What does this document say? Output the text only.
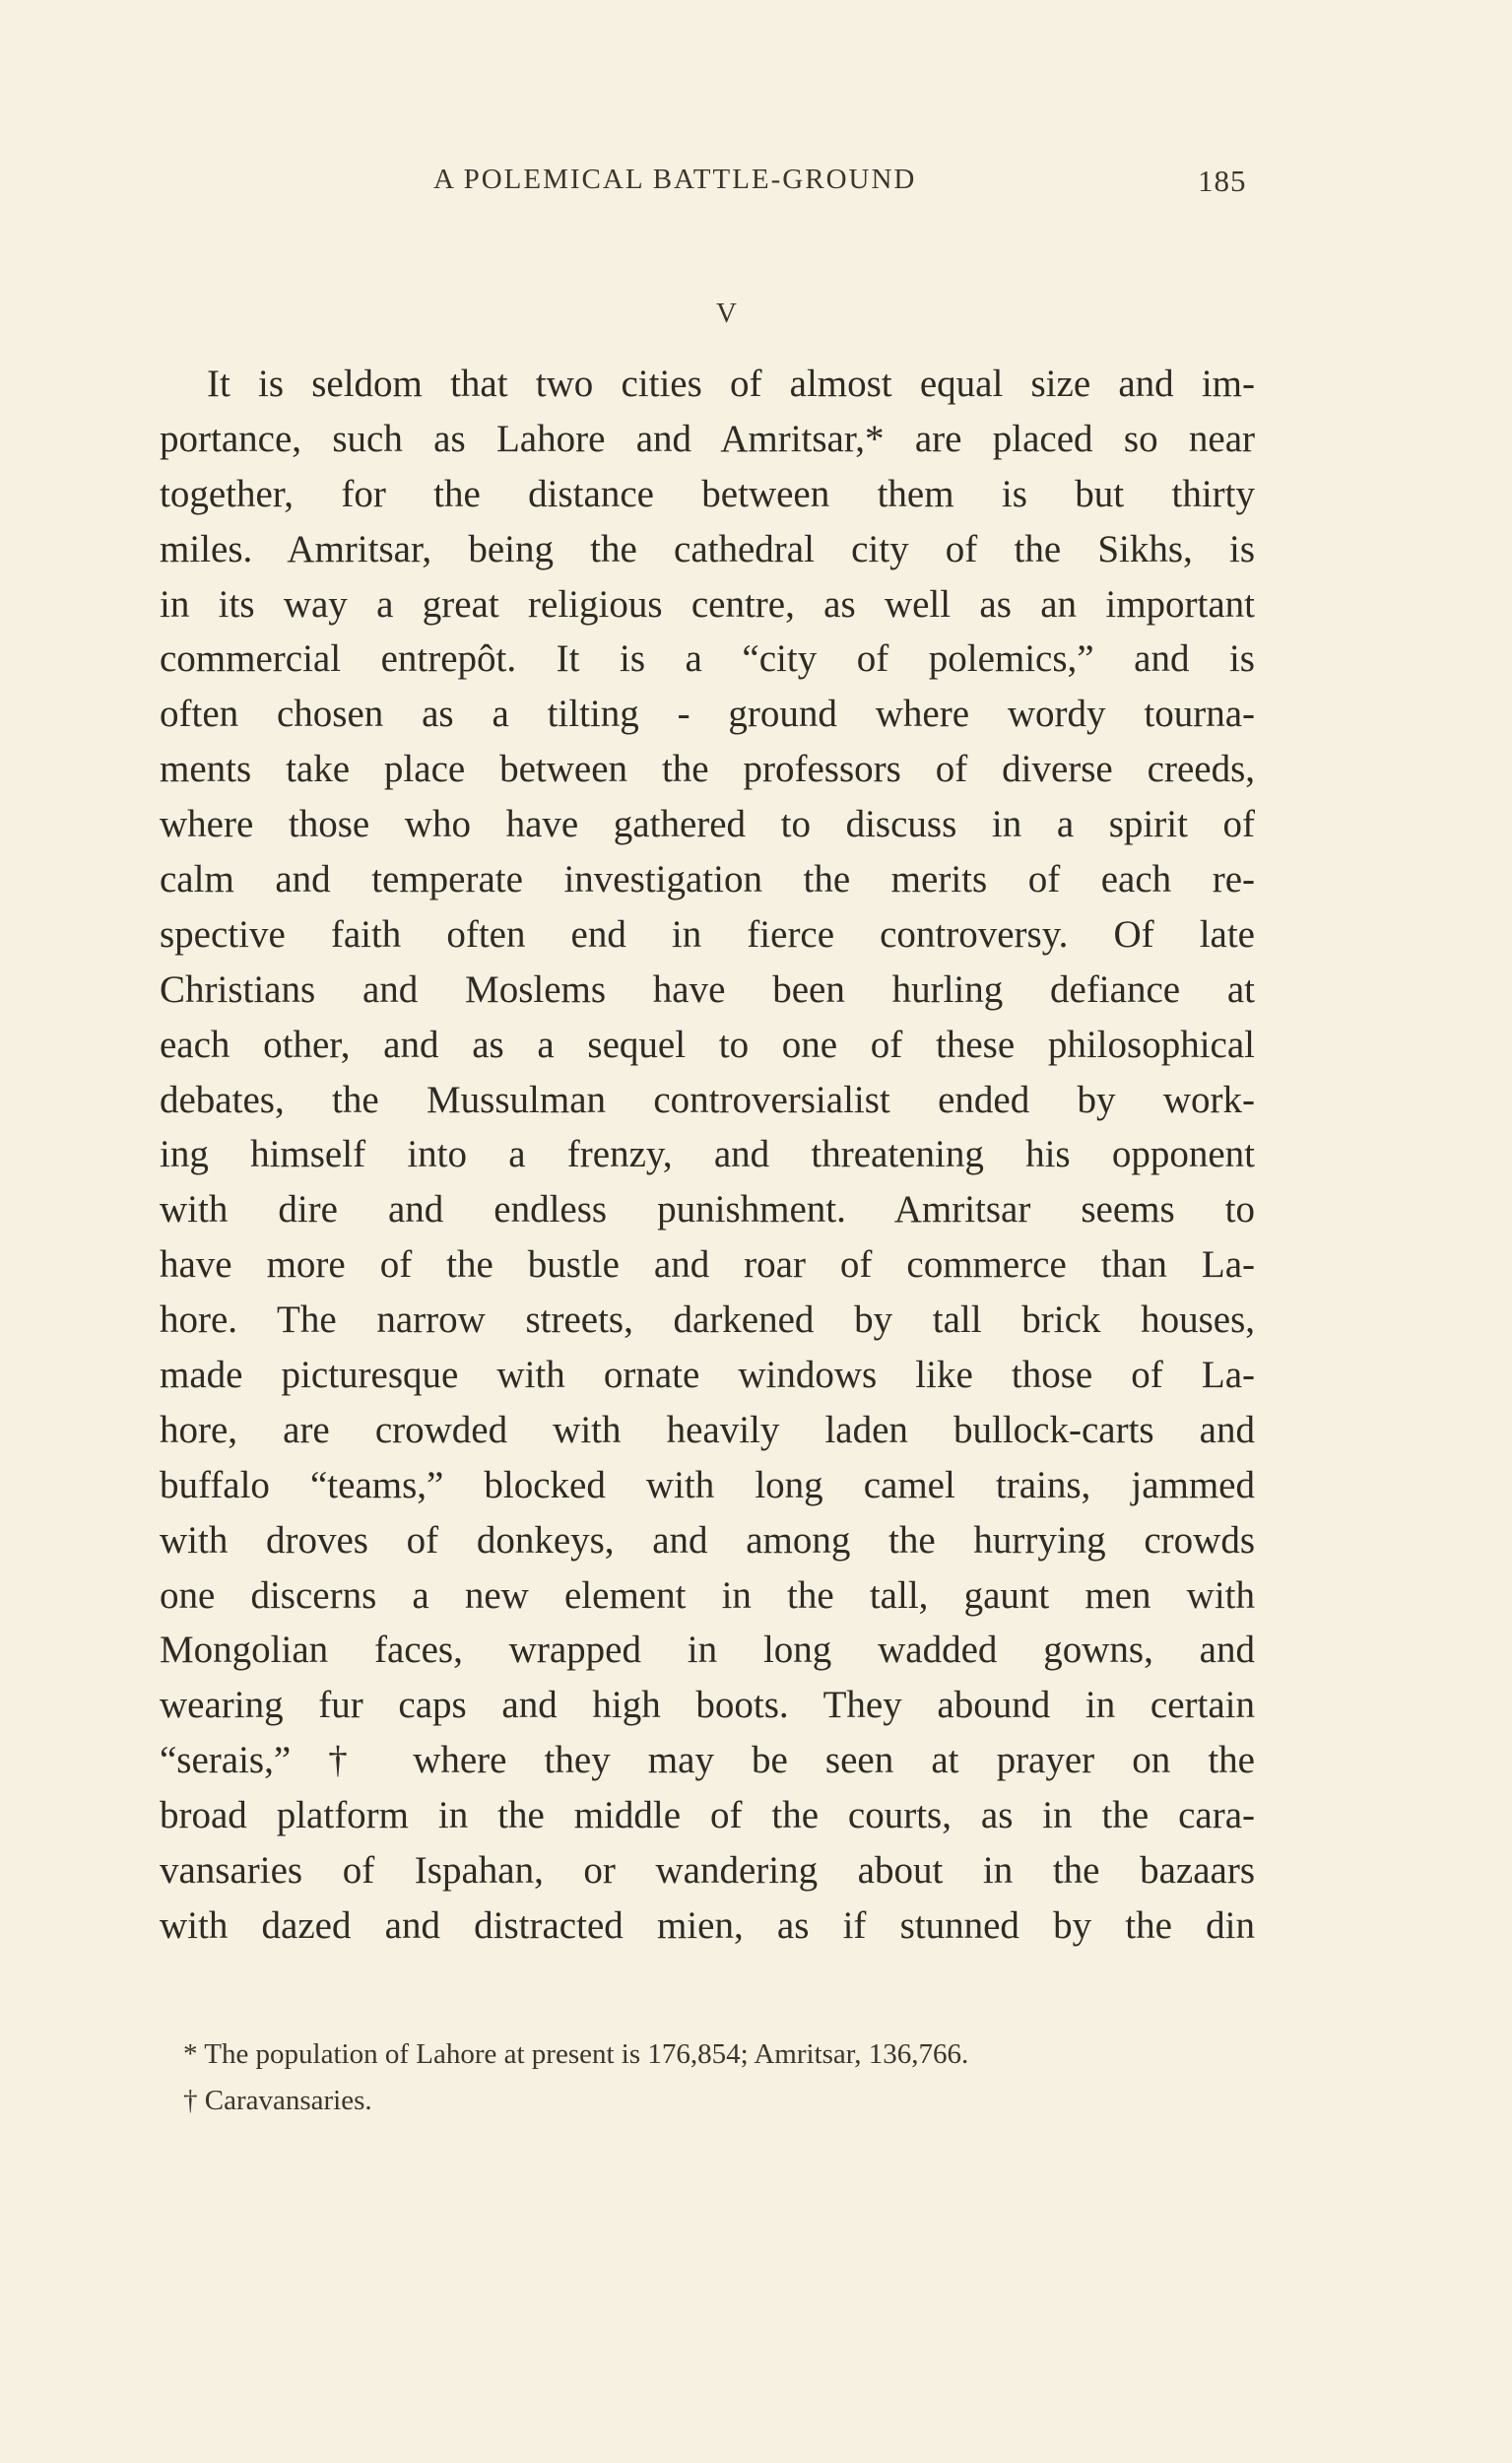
A POLEMICAL BATTLE-GROUND	185
V
It is seldom that two cities of almost equal size and im-
portance, such as Lahore and Amritsar,* are placed so near
together, for the distance between them is but thirty
miles. Amritsar, being the cathedral city of the Sikhs, is
in its way a great religious centre, as well as an important
commercial entrepôt. It is a “city of polemics,” and is
often chosen as a tilting - ground where wordy tourna-
ments take place between the professors of diverse creeds,
where those who have gathered to discuss in a spirit of
calm and temperate investigation the merits of each re-
spective faith often end in fierce controversy. Of late
Christians and Moslems have been hurling defiance at
each other, and as a sequel to one of these philosophical
debates, the Mussulman controversialist ended by work-
ing himself into a frenzy, and threatening his opponent
with dire and endless punishment. Amritsar seems to
have more of the bustle and roar of commerce than La-
hore. The narrow streets, darkened by tall brick houses,
made picturesque with ornate windows like those of La-
hore, are crowded with heavily laden bullock-carts and
buffalo “teams,” blocked with long camel trains, jammed
with droves of donkeys, and among the hurrying crowds
one discerns a new element in the tall, gaunt men with
Mongolian faces, wrapped in long wadded gowns, and
wearing fur caps and high boots. They abound in certain
“serais,” † where they may be seen at prayer on the
broad platform in the middle of the courts, as in the cara-
vansaries of Ispahan, or wandering about in the bazaars
with dazed and distracted mien, as if stunned by the din
* The population of Lahore at present is 176,854; Amritsar, 136,766.
† Caravansaries.
